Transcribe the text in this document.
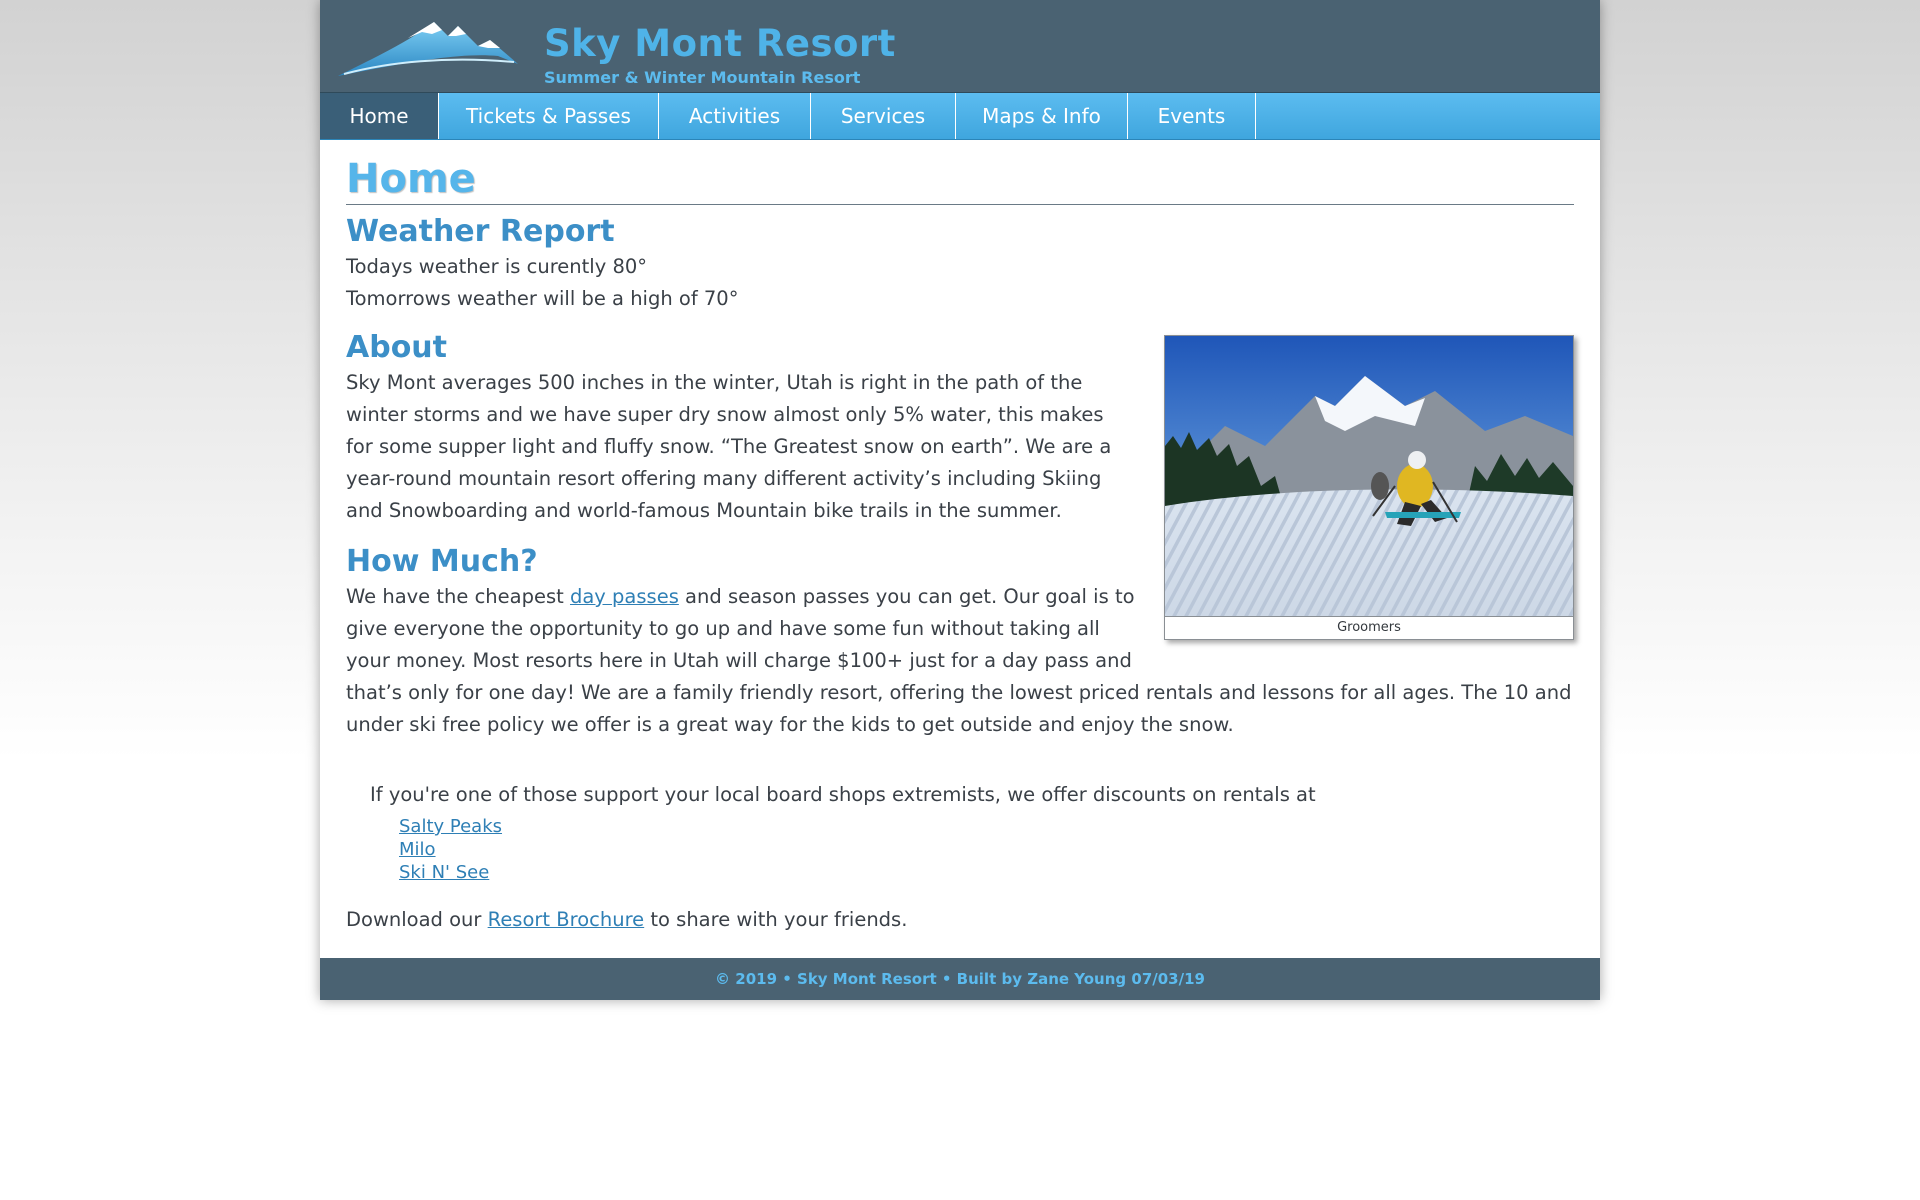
Sky Mont Resort
Summer & Winter Mountain Resort
Home	Tickets & Passes	Activities	Services	Maps & Info	Events
Home
Weather Report
Todays weather is curently 80°
Tomorrows weather will be a high of 70°
Groomers
About

Sky Mont averages 500 inches in the winter, Utah is right in the path of the winter storms and we have super dry snow almost only 5% water, this makes for some supper light and fluffy snow. “The Greatest snow on earth”. We are a year-round mountain resort offering many different activity’s including Skiing and Snowboarding and world-famous Mountain bike trails in the summer.

How Much?

We have the cheapest day passes and season passes you can get. Our goal is to give everyone the opportunity to go up and have some fun without taking all your money. Most resorts here in Utah will charge $100+ just for a day pass and that’s only for one day! We are a family friendly resort, offering the lowest priced rentals and lessons for all ages. The 10 and under ski free policy we offer is a great way for the kids to get outside and enjoy the snow.

If you're one of those support your local board shops extremists, we offer discounts on rentals at
Salty Peaks
Milo
Ski N' See

Download our Resort Brochure to share with your friends.

© 2019 • Sky Mont Resort • Built by Zane Young 07/03/19
